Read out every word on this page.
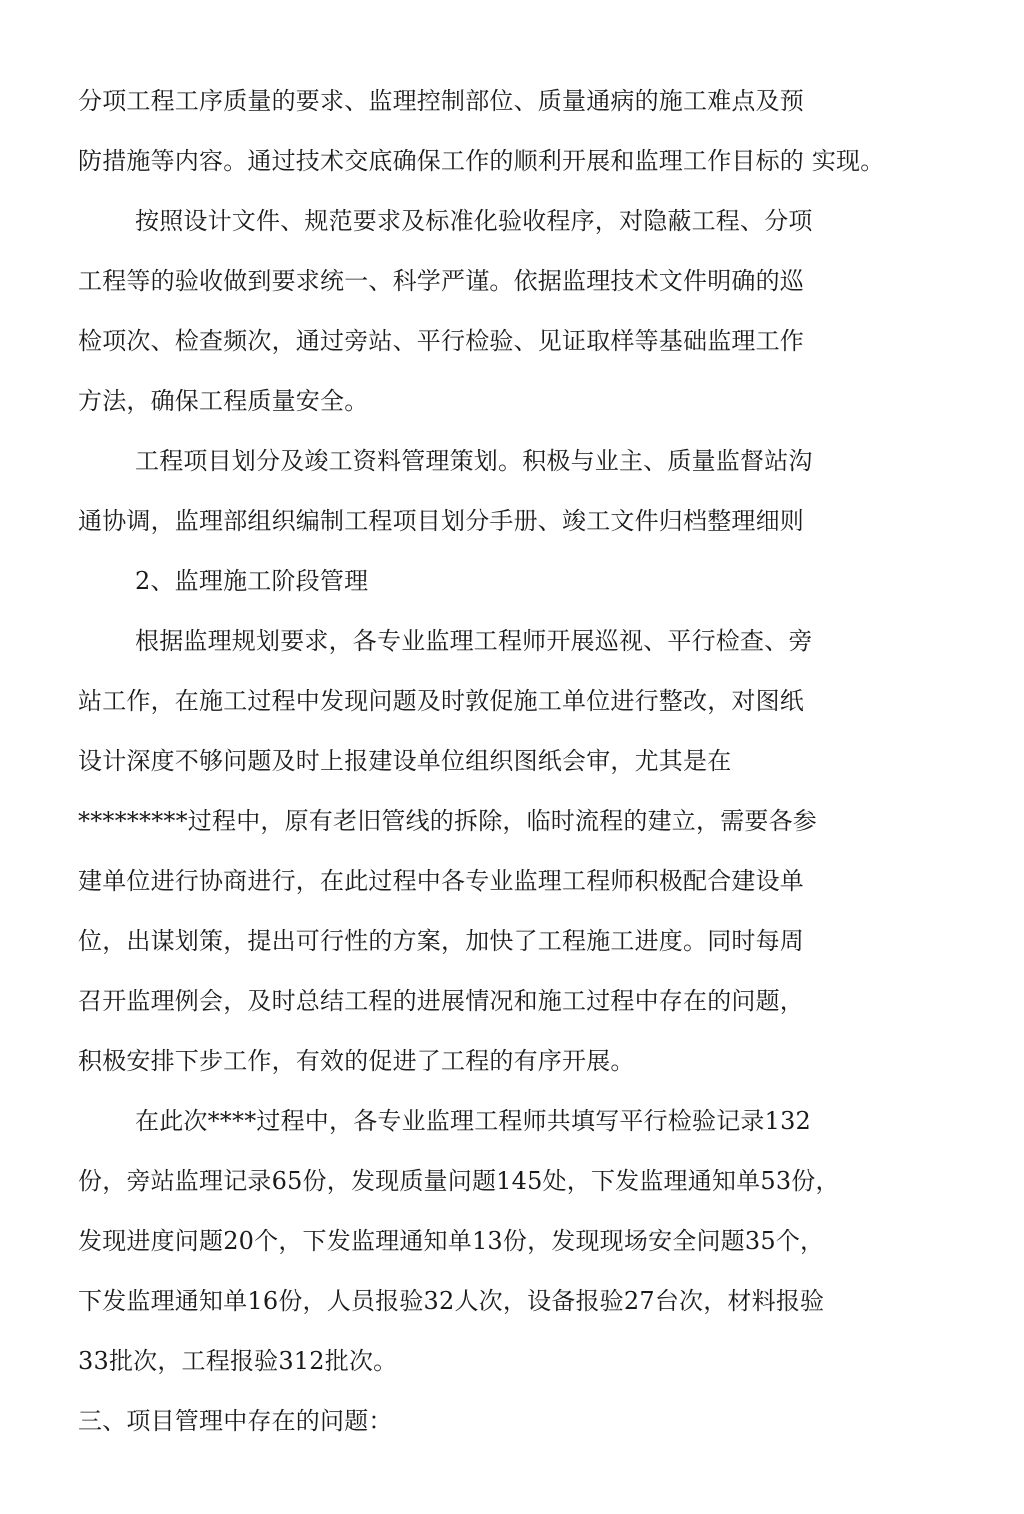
分项工程工序质量的要求、监理控制部位、质量通病的施工难点及预

防措施等内容。通过技术交底确保工作的顺利开展和监理工作目标的 实现。

按照设计文件、规范要求及标准化验收程序，对隐蔽工程、分项

工程等的验收做到要求统一、科学严谨。依据监理技术文件明确的巡

检项次、检查频次，通过旁站、平行检验、见证取样等基础监理工作

方法，确保工程质量安全。

工程项目划分及竣工资料管理策划。积极与业主、质量监督站沟

通协调，监理部组织编制工程项目划分手册、竣工文件归档整理细则

2、监理施工阶段管理

根据监理规划要求，各专业监理工程师开展巡视、平行检查、旁

站工作，在施工过程中发现问题及时敦促施工单位进行整改，对图纸

设计深度不够问题及时上报建设单位组织图纸会审，尤其是在

*********过程中，原有老旧管线的拆除，临时流程的建立，需要各参

建单位进行协商进行，在此过程中各专业监理工程师积极配合建设单

位，出谋划策，提出可行性的方案，加快了工程施工进度。同时每周

召开监理例会，及时总结工程的进展情况和施工过程中存在的问题，

积极安排下步工作，有效的促进了工程的有序开展。

在此次****过程中，各专业监理工程师共填写平行检验记录132

份，旁站监理记录65份，发现质量问题145处，下发监理通知单53份，

发现进度问题20个，下发监理通知单13份，发现现场安全问题35个，

下发监理通知单16份，人员报验32人次，设备报验27台次，材料报验

33批次，工程报验312批次。

三、项目管理中存在的问题：
